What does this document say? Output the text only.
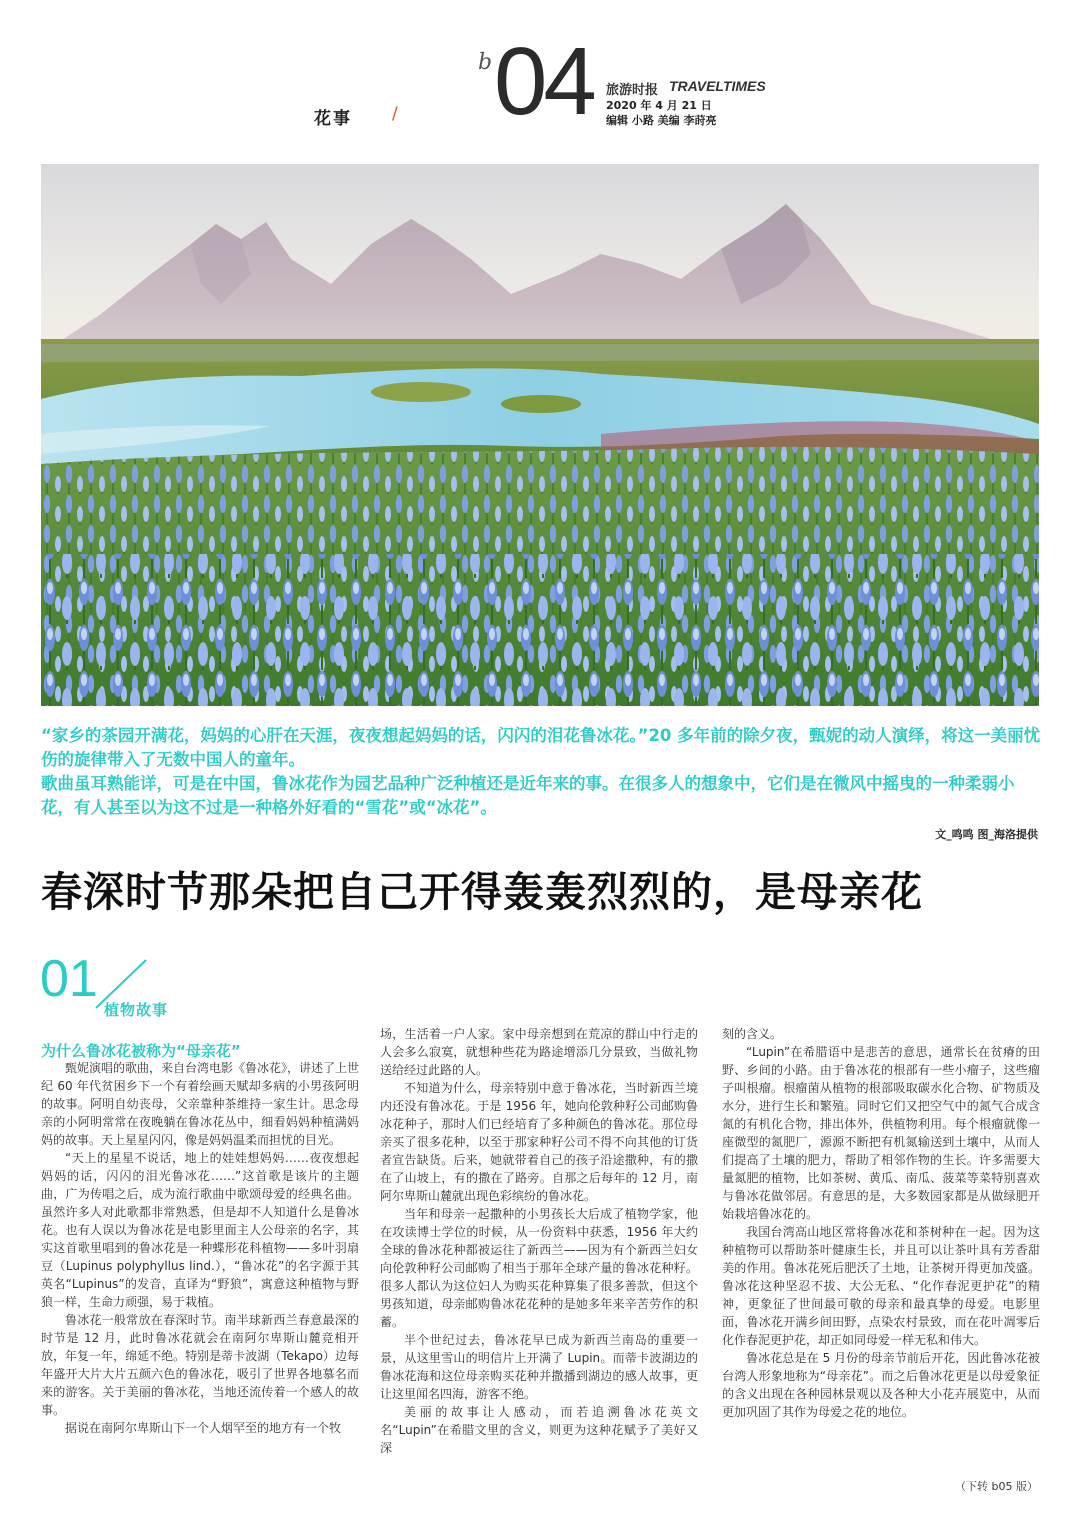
花事 /
b 04 旅游时报 TRAVELTIMES
2020 年 4 月 21 日
编辑 小路 美编 李莳亮

“家乡的茶园开满花，妈妈的心肝在天涯，夜夜想起妈妈的话，闪闪的泪花鲁冰花。”20 多年前的除夕夜，甄妮的动人演绎，将这一美丽忧伤的旋律带入了无数中国人的童年。

歌曲虽耳熟能详，可是在中国，鲁冰花作为园艺品种广泛种植还是近年来的事。在很多人的想象中，它们是在微风中摇曳的一种柔弱小花，有人甚至以为这不过是一种格外好看的“雪花”或“冰花”。

文_鸣鸣 图_海洛提供
春深时节那朵把自己开得轰轰烈烈的，是母亲花
01
植物故事
为什么鲁冰花被称为“母亲花”

甄妮演唱的歌曲，来自台湾电影《鲁冰花》，讲述了上世纪 60 年代贫困乡下一个有着绘画天赋却多病的小男孩阿明的故事。阿明自幼丧母，父亲靠种茶维持一家生计。思念母亲的小阿明常常在夜晚躺在鲁冰花丛中，细看妈妈种植满妈妈的故事。天上星星闪闪，像是妈妈温柔而担忧的目光。

“天上的星星不说话，地上的娃娃想妈妈……夜夜想起妈妈的话，闪闪的泪光鲁冰花……”这首歌是该片的主题曲，广为传唱之后，成为流行歌曲中歌颂母爱的经典名曲。虽然许多人对此歌都非常熟悉，但是却不人知道什么是鲁冰花。也有人误以为鲁冰花是电影里面主人公母亲的名字，其实这首歌里唱到的鲁冰花是一种蝶形花科植物——多叶羽扇豆（Lupinus polyphyllus lind.），“鲁冰花”的名字源于其英名“Lupinus”的发音，直译为“野狼”，寓意这种植物与野狼一样，生命力顽强，易于栽植。

鲁冰花一般常放在春深时节。南半球新西兰春意最深的时节是 12 月，此时鲁冰花就会在南阿尔卑斯山麓竞相开放，年复一年，绵延不绝。特别是蒂卡波湖（Tekapo）边每年盛开大片大片五颜六色的鲁冰花，吸引了世界各地慕名而来的游客。关于美丽的鲁冰花，当地还流传着一个感人的故事。

据说在南阿尔卑斯山下一个人烟罕至的地方有一个牧

场，生活着一户人家。家中母亲想到在荒凉的群山中行走的人会多么寂寞，就想种些花为路途增添几分景致，当做礼物送给经过此路的人。

不知道为什么，母亲特别中意于鲁冰花，当时新西兰境内还没有鲁冰花。于是 1956 年，她向伦敦种籽公司邮购鲁冰花种子，那时人们已经培育了多种颜色的鲁冰花。那位母亲买了很多花种，以至于那家种籽公司不得不向其他的订货者宣告缺货。后来，她就带着自己的孩子沿途撒种，有的撒在了山坡上，有的撒在了路旁。自那之后每年的 12 月，南阿尔卑斯山麓就出现色彩缤纷的鲁冰花。

当年和母亲一起撒种的小男孩长大后成了植物学家，他在攻读博士学位的时候，从一份资料中获悉，1956 年大约全球的鲁冰花种都被运往了新西兰——因为有个新西兰妇女向伦敦种籽公司邮购了相当于那年全球产量的鲁冰花种籽。很多人都认为这位妇人为购买花种算集了很多善款，但这个男孩知道，母亲邮购鲁冰花花种的是她多年来辛苦劳作的积蓄。

半个世纪过去，鲁冰花早已成为新西兰南岛的重要一景，从这里雪山的明信片上开满了 Lupin。而蒂卡波湖边的鲁冰花海和这位母亲购买花种并撒播到湖边的感人故事，更让这里闻名四海，游客不绝。

美丽的故事让人感动，而若追溯鲁冰花英文名“Lupin”在希腊文里的含义，则更为这种花赋予了美好又深

刻的含义。

“Lupin”在希腊语中是悲苦的意思，通常长在贫瘠的田野、乡间的小路。由于鲁冰花的根部有一些小瘤子，这些瘤子叫根瘤。根瘤菌从植物的根部吸取碳水化合物、矿物质及水分，进行生长和繁殖。同时它们又把空气中的氮气合成含氮的有机化合物，排出体外，供植物利用。每个根瘤就像一座微型的氮肥厂，源源不断把有机氮输送到土壤中，从而人们提高了土壤的肥力，帮助了相邻作物的生长。许多需要大量氮肥的植物，比如茶树、黄瓜、南瓜、菠菜等菜特别喜欢与鲁冰花做邻居。有意思的是，大多数园家都是从做绿肥开始栽培鲁冰花的。

我国台湾高山地区常将鲁冰花和茶树种在一起。因为这种植物可以帮助茶叶健康生长，并且可以让茶叶具有芳香甜美的作用。鲁冰花死后肥沃了土地，让茶树开得更加茂盛。鲁冰花这种坚忍不拔、大公无私、“化作春泥更护花”的精神，更象征了世间最可敬的母亲和最真挚的母爱。电影里面，鲁冰花开满乡间田野，点染农村景致，而在花叶凋零后化作春泥更护花，却正如同母爱一样无私和伟大。

鲁冰花总是在 5 月份的母亲节前后开花，因此鲁冰花被台湾人形象地称为“母亲花”。而之后鲁冰花更是以母爱象征的含义出现在各种园林景观以及各种大小花卉展览中，从而更加巩固了其作为母爱之花的地位。

（下转 b05 版）
